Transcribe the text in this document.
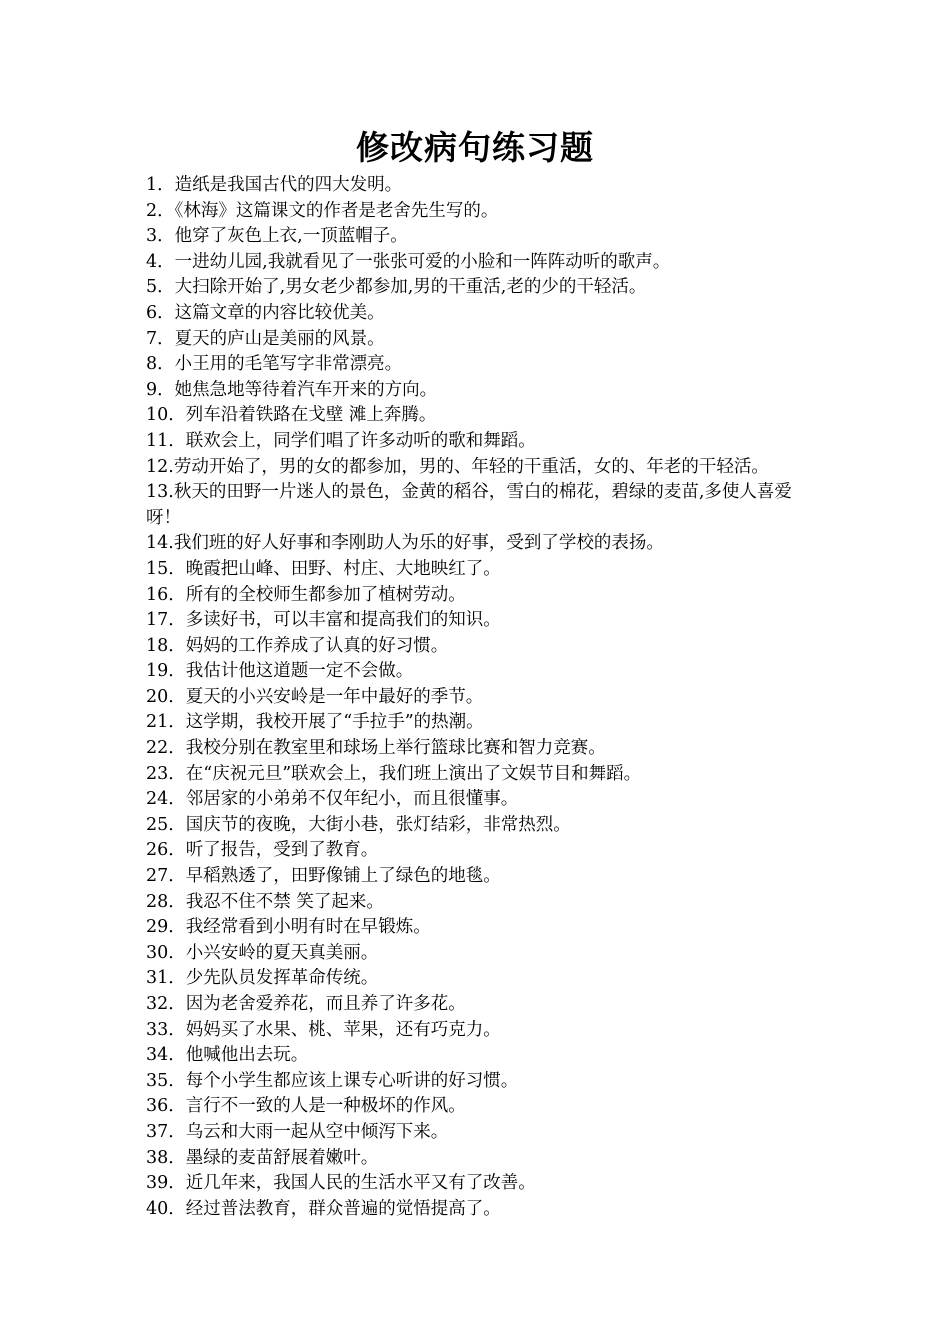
修改病句练习题
1．造纸是我国古代的四大发明。
2．《林海》这篇课文的作者是老舍先生写的。
3．他穿了灰色上衣,一顶蓝帽子。
4．一进幼儿园,我就看见了一张张可爱的小脸和一阵阵动听的歌声。
5．大扫除开始了,男女老少都参加,男的干重活,老的少的干轻活。
6．这篇文章的内容比较优美。
7．夏天的庐山是美丽的风景。
8．小王用的毛笔写字非常漂亮。
9．她焦急地等待着汽车开来的方向。
10．列车沿着铁路在戈壁 滩上奔腾。
11．联欢会上，同学们唱了许多动听的歌和舞蹈。
12.劳动开始了，男的女的都参加，男的、年轻的干重活，女的、年老的干轻活。
13.秋天的田野一片迷人的景色，金黄的稻谷，雪白的棉花，碧绿的麦苗,多使人喜爱呀！
14.我们班的好人好事和李刚助人为乐的好事，受到了学校的表扬。
15．晚霞把山峰、田野、村庄、大地映红了。
16．所有的全校师生都参加了植树劳动。
17．多读好书，可以丰富和提高我们的知识。
18．妈妈的工作养成了认真的好习惯。
19．我估计他这道题一定不会做。
20．夏天的小兴安岭是一年中最好的季节。
21．这学期，我校开展了“手拉手”的热潮。
22．我校分别在教室里和球场上举行篮球比赛和智力竞赛。
23．在“庆祝元旦”联欢会上，我们班上演出了文娱节目和舞蹈。
24．邻居家的小弟弟不仅年纪小，而且很懂事。
25．国庆节的夜晚，大街小巷，张灯结彩，非常热烈。
26．听了报告，受到了教育。
27．早稻熟透了，田野像铺上了绿色的地毯。
28．我忍不住不禁 笑了起来。
29．我经常看到小明有时在早锻炼。
30．小兴安岭的夏天真美丽。
31．少先队员发挥革命传统。
32．因为老舍爱养花，而且养了许多花。
33．妈妈买了水果、桃、苹果，还有巧克力。
34．他喊他出去玩。
35．每个小学生都应该上课专心听讲的好习惯。
36．言行不一致的人是一种极坏的作风。
37．乌云和大雨一起从空中倾泻下来。
38．墨绿的麦苗舒展着嫩叶。
39．近几年来，我国人民的生活水平又有了改善。
40．经过普法教育，群众普遍的觉悟提高了。
